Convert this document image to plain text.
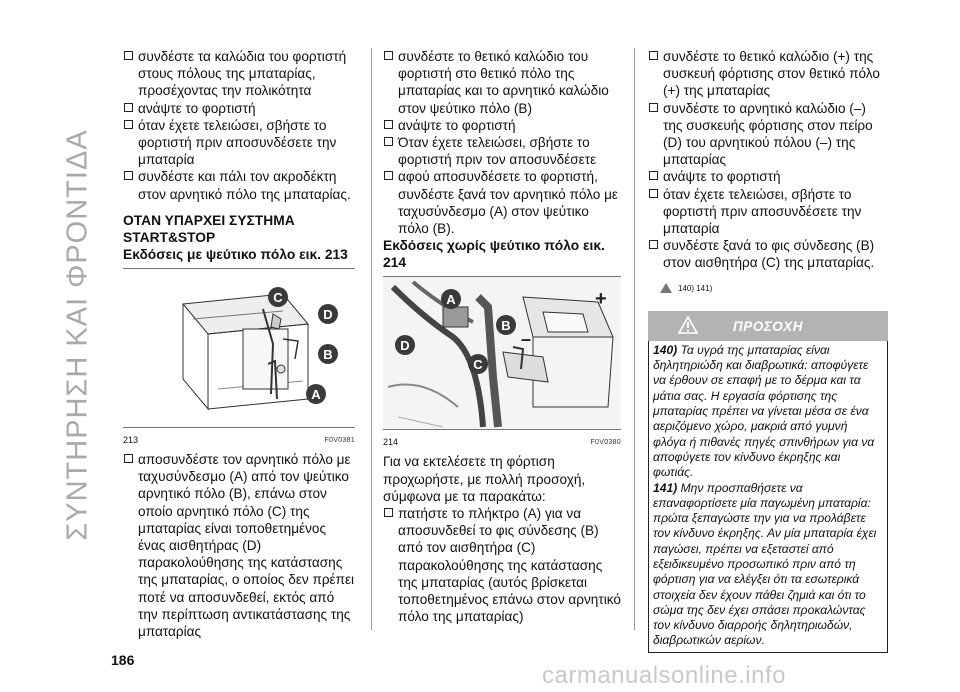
ΣΥΝΤΗΡΗΣΗ ΚΑΙ ΦΡΟΝΤΙΔΑ
συνδέστε τα καλώδια του φορτιστή στους πόλους της μπαταρίας, προσέχοντας την πολικότητα
ανάψτε το φορτιστή
όταν έχετε τελειώσει, σβήστε το φορτιστή πριν αποσυνδέσετε την μπαταρία
συνδέστε και πάλι τον ακροδέκτη στον αρνητικό πόλο της μπαταρίας.
ΟΤΑΝ ΥΠΑΡΧΕΙ ΣΥΣΤΗΜΑ START&STOP
Εκδόσεις με ψεύτικο πόλο εικ. 213
C
D
B
A
213	F0V0381
αποσυνδέστε τον αρνητικό πόλο με ταχυσύνδεσμο (A) από τον ψεύτικο αρνητικό πόλο (B), επάνω στον οποίο αρνητικό πόλο (C) της μπαταρίας είναι τοποθετημένος ένας αισθητήρας (D) παρακολούθησης της κατάστασης της μπαταρίας, ο οποίος δεν πρέπει ποτέ να αποσυνδεθεί, εκτός από την περίπτωση αντικατάστασης της μπαταρίας
συνδέστε το θετικό καλώδιο του φορτιστή στο θετικό πόλο της μπαταρίας και το αρνητικό καλώδιο στον ψεύτικο πόλο (B)
ανάψτε το φορτιστή
Όταν έχετε τελειώσει, σβήστε το φορτιστή πριν τον αποσυνδέσετε
αφού αποσυνδέσετε το φορτιστή, συνδέστε ξανά τον αρνητικό πόλο με ταχυσύνδεσμο (A) στον ψεύτικο πόλο (B).
Εκδόσεις χωρίς ψεύτικο πόλο εικ. 214
+
–
A
B
D
C
214	F0V0380
Για να εκτελέσετε τη φόρτιση προχωρήστε, με πολλή προσοχή, σύμφωνα με τα παρακάτω:
πατήστε το πλήκτρο (A) για να αποσυνδεθεί το φις σύνδεσης (B) από τον αισθητήρα (C) παρακολούθησης της κατάστασης της μπαταρίας (αυτός βρίσκεται τοποθετημένος επάνω στον αρνητικό πόλο της μπαταρίας)
συνδέστε το θετικό καλώδιο (+) της συσκευή φόρτισης στον θετικό πόλο (+) της μπαταρίας
συνδέστε το αρνητικό καλώδιο (–) της συσκευής φόρτισης στον πείρο (D) του αρνητικού πόλου (–) της μπαταρίας
ανάψτε το φορτιστή
όταν έχετε τελειώσει, σβήστε το φορτιστή πριν αποσυνδέσετε την μπαταρία
συνδέστε ξανά το φις σύνδεσης (B) στον αισθητήρα (C) της μπαταρίας.
140) 141)
ΠΡΟΣΟΧΗ
140) Τα υγρά της μπαταρίας είναι δηλητηριώδη και διαβρωτικά: αποφύγετε να έρθουν σε επαφή με το δέρμα και τα μάτια σας. Η εργασία φόρτισης της μπαταρίας πρέπει να γίνεται μέσα σε ένα αεριζόμενο χώρο, μακριά από γυμνή φλόγα ή πιθανές πηγές σπινθήρων για να αποφύγετε τον κίνδυνο έκρηξης και φωτιάς.
141) Μην προσπαθήσετε να επαναφορτίσετε μία παγωμένη μπαταρία: πρώτα ξεπαγώστε την για να προλάβετε τον κίνδυνο έκρηξης. Αν μία μπαταρία έχει παγώσει, πρέπει να εξεταστεί από εξειδικευμένο προσωπικό πριν από τη φόρτιση για να ελέγξει ότι τα εσωτερικά στοιχεία δεν έχουν πάθει ζημιά και ότι το σώμα της δεν έχει σπάσει προκαλώντας τον κίνδυνο διαρροής δηλητηριωδών, διαβρωτικών αερίων.
186
carmanualsonline.info
